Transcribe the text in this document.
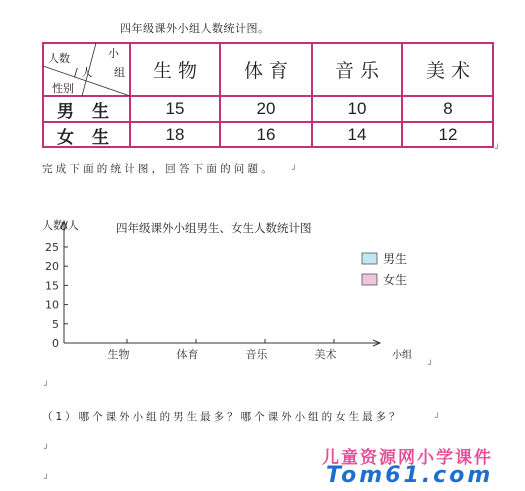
四年级课外小组人数统计图。
小
人数
组
/ 人
性别
生 物	体 育	音 乐	美 术
男 生	15	20	10	8
女 生	18	16	14	12
┘
完成下面的统计图，回答下面的问题。 ┘
25
20
15
10
5
0
生物	体育	音乐	美术
四年级课外小组男生、女生人数统计图
人数/人
小组
男生
女生
┘
┘
（1）哪个课外小组的男生最多？哪个课外小组的女生最多？	┘
┘
┘
儿童资源网小学课件
Tom61.com
